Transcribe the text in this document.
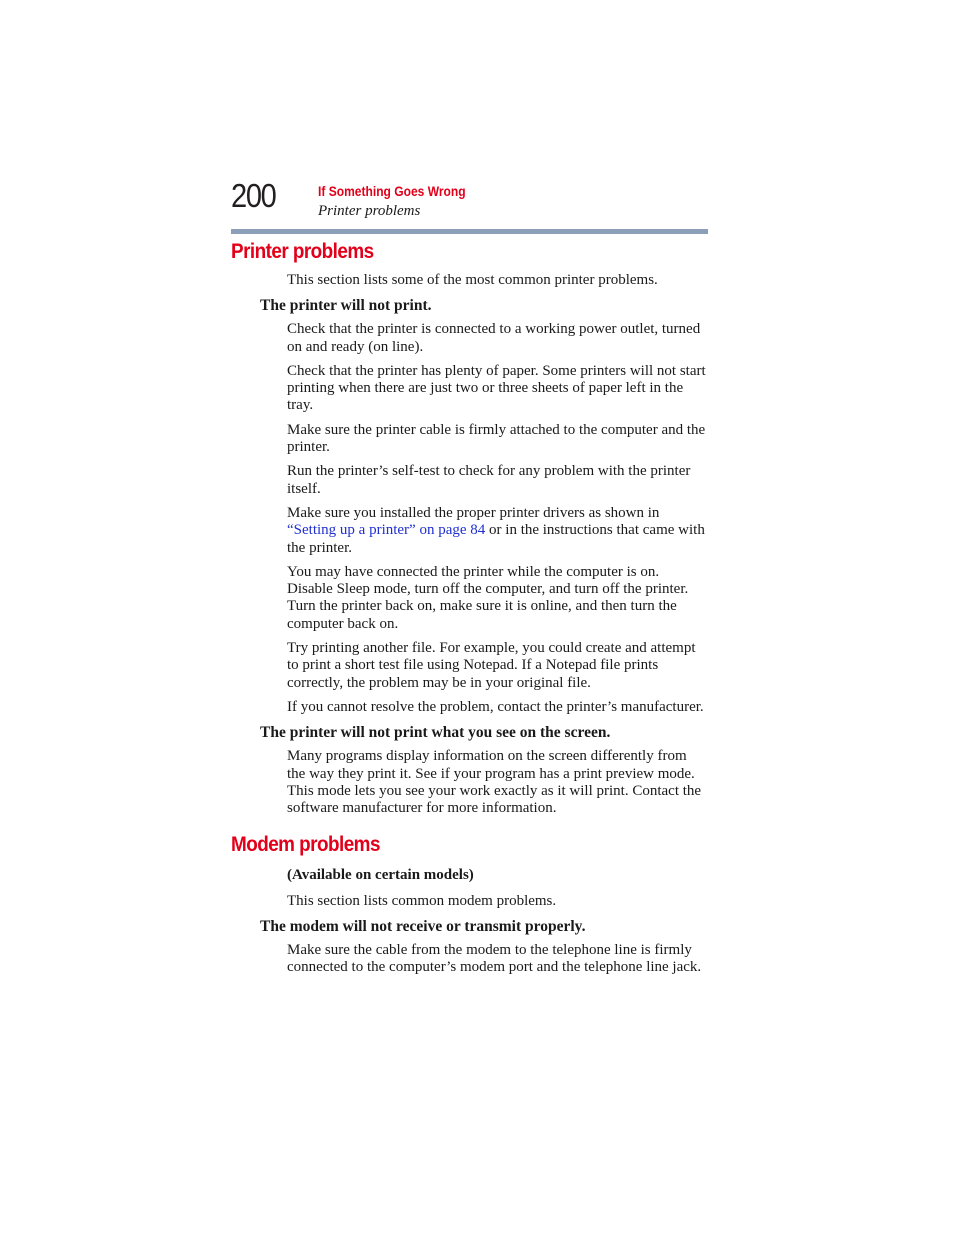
200	If Something Goes Wrong
Printer problems
Printer problems

This section lists some of the most common printer problems.

The printer will not print.

Check that the printer is connected to a working power outlet, turned on and ready (on line).

Check that the printer has plenty of paper. Some printers will not start printing when there are just two or three sheets of paper left in the tray.

Make sure the printer cable is firmly attached to the computer and the printer.

Run the printer’s self-test to check for any problem with the printer itself.

Make sure you installed the proper printer drivers as shown in “Setting up a printer” on page 84 or in the instructions that came with the printer.

You may have connected the printer while the computer is on. Disable Sleep mode, turn off the computer, and turn off the printer. Turn the printer back on, make sure it is online, and then turn the computer back on.

Try printing another file. For example, you could create and attempt to print a short test file using Notepad. If a Notepad file prints correctly, the problem may be in your original file.

If you cannot resolve the problem, contact the printer’s manufacturer.

The printer will not print what you see on the screen.

Many programs display information on the screen differently from the way they print it. See if your program has a print preview mode. This mode lets you see your work exactly as it will print. Contact the software manufacturer for more information.

Modem problems

(Available on certain models)

This section lists common modem problems.

The modem will not receive or transmit properly.

Make sure the cable from the modem to the telephone line is firmly connected to the computer’s modem port and the telephone line jack.
